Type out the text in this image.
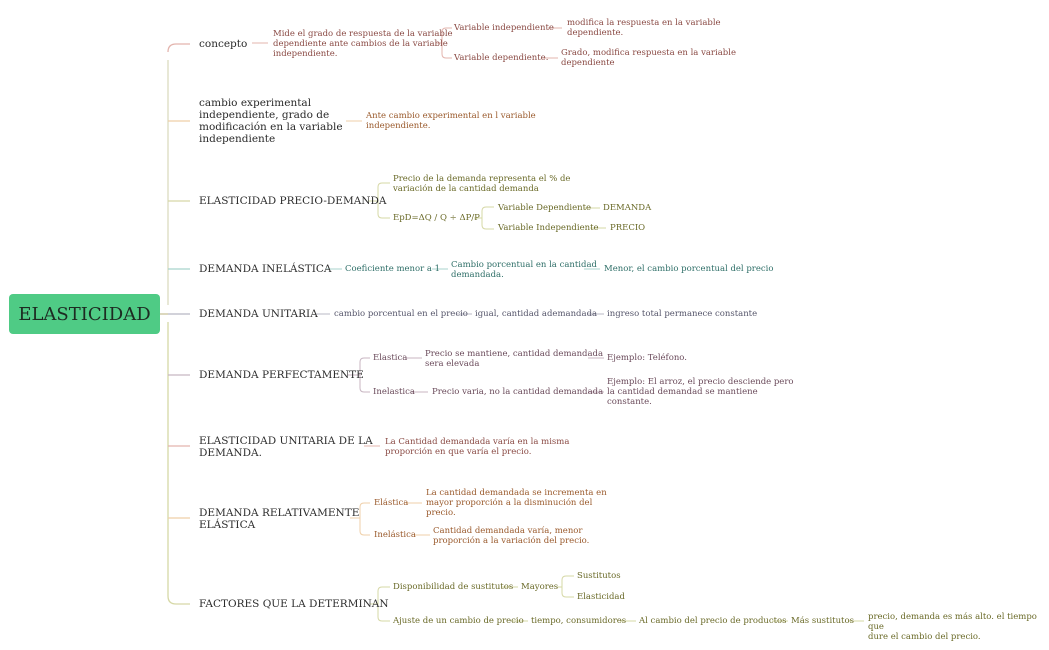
ELASTICIDAD
concepto
Mide el grado de respuesta de la variable
dependiente ante cambios de la variable
independiente.
Variable independiente modifica la respuesta en la variable
dependiente.
Variable dependiente. Grado, modifica respuesta en la variable
dependiente
cambio experimental
independiente, grado de
modificación en la variable
independiente
Ante cambio experimental en l variable
independiente.
ELASTICIDAD PRECIO-DEMANDA
Precio de la demanda representa el % de
variación de la cantidad demanda
EpD=ΔQ / Q ÷ ΔP/P
Variable Dependiente DEMANDA
Variable Independiente PRECIO
DEMANDA INELÁSTICA Coeficiente menor a 1 Cambio porcentual en la cantidad
demandada.
Menor, el cambio porcentual del precio
DEMANDA UNITARIA cambio porcentual en el precio igual, cantidad ademandada ingreso total permanece constante
DEMANDA PERFECTAMENTE
Elastica Precio se mantiene, cantidad demandada
sera elevada
Ejemplo: Teléfono.
Inelastica Precio varia, no la cantidad demandada
Ejemplo: El arroz, el precio desciende pero
la cantidad demandad se mantiene
constante.
ELASTICIDAD UNITARIA DE LA
DEMANDA.
La Cantidad demandada varía en la misma
proporción en que varía el precio.
DEMANDA RELATIVAMENTE
ELÁSTICA
Elástica
La cantidad demandada se incrementa en
mayor proporción a la disminución del
precio.
Inelástica Cantidad demandada varía, menor
proporción a la variación del precio.
FACTORES QUE LA DETERMINAN
Disponibilidad de sustitutos Mayores
Sustitutos
Elasticidad
Ajuste de un cambio de precio tiempo, consumidores Al cambio del precio de productos Más sustitutos precio, demanda es más alto. el tiempo que
dure el cambio del precio.
